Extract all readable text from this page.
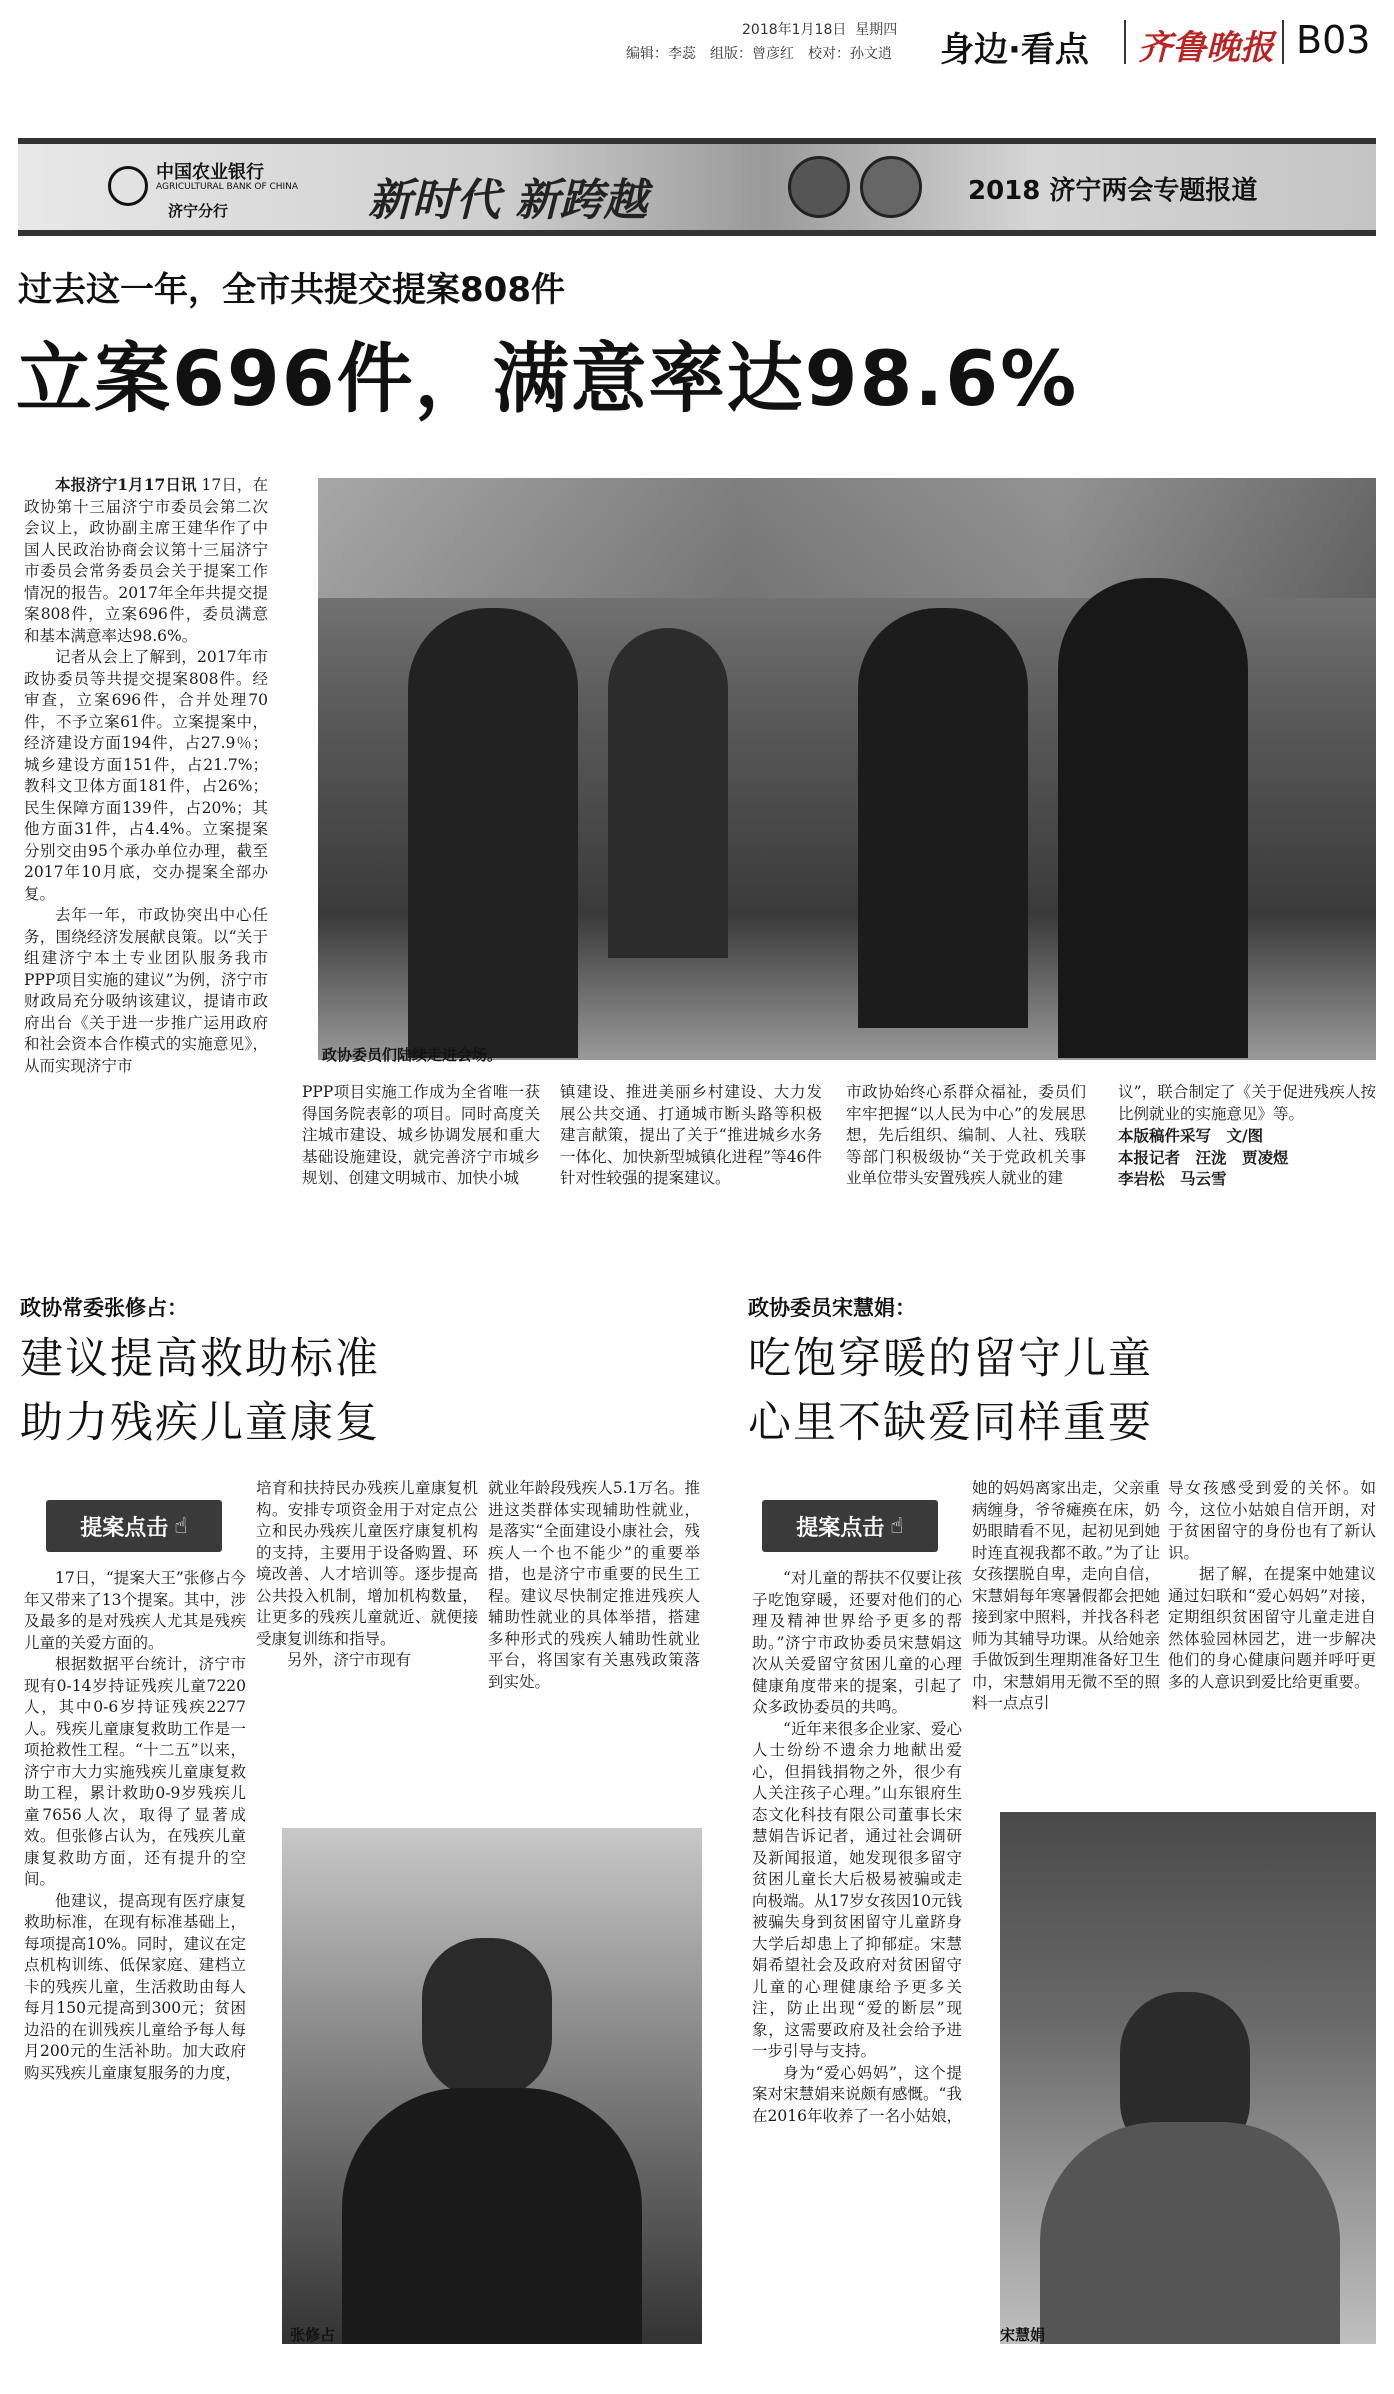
2018年1月18日 星期四
编辑：李蕊　组版：曾彦红　校对：孙文逍 身边·看点 齐鲁晚报 B03
中国农业银行
AGRICULTURAL BANK OF CHINA
济宁分行	新时代 新跨越	2018 济宁两会专题报道
过去这一年，全市共提交提案808件
立案696件，满意率达98.6%

本报济宁1月17日讯 17日，在政协第十三届济宁市委员会第二次会议上，政协副主席王建华作了中国人民政治协商会议第十三届济宁市委员会常务委员会关于提案工作情况的报告。2017年全年共提交提案808件，立案696件，委员满意和基本满意率达98.6%。

记者从会上了解到，2017年市政协委员等共提交提案808件。经审查，立案696件，合并处理70件，不予立案61件。立案提案中，经济建设方面194件，占27.9％；城乡建设方面151件，占21.7%；教科文卫体方面181件，占26%；民生保障方面139件，占20%；其他方面31件，占4.4%。立案提案分别交由95个承办单位办理，截至2017年10月底，交办提案全部办复。

去年一年，市政协突出中心任务，围绕经济发展献良策。以“关于组建济宁本土专业团队服务我市PPP项目实施的建议”为例，济宁市财政局充分吸纳该建议，提请市政府出台《关于进一步推广运用政府和社会资本合作模式的实施意见》，从而实现济宁市

政协委员们陆续走进会场。
PPP项目实施工作成为全省唯一获得国务院表彰的项目。同时高度关注城市建设、城乡协调发展和重大基础设施建设，就完善济宁市城乡规划、创建文明城市、加快小城
镇建设、推进美丽乡村建设、大力发展公共交通、打通城市断头路等积极建言献策，提出了关于“推进城乡水务一体化、加快新型城镇化进程”等46件针对性较强的提案建议。
市政协始终心系群众福祉，委员们牢牢把握“以人民为中心”的发展思想，先后组织、编制、人社、残联等部门积极级协“关于党政机关事业单位带头安置残疾人就业的建
议”，联合制定了《关于促进残疾人按比例就业的实施意见》等。
本版稿件采写　文/图
本报记者　汪泷　贾凌煜
李岩松　马云雪
政协常委张修占：
建议提高救助标准
助力残疾儿童康复
提案点击 ☝

17日，“提案大王”张修占今年又带来了13个提案。其中，涉及最多的是对残疾人尤其是残疾儿童的关爱方面的。

根据数据平台统计，济宁市现有0-14岁持证残疾儿童7220人，其中0-6岁持证残疾2277人。残疾儿童康复救助工作是一项抢救性工程。“十二五”以来，济宁市大力实施残疾儿童康复救助工程，累计救助0-9岁残疾儿童7656人次，取得了显著成效。但张修占认为，在残疾儿童康复救助方面，还有提升的空间。

他建议，提高现有医疗康复救助标准，在现有标准基础上，每项提高10%。同时，建议在定点机构训练、低保家庭、建档立卡的残疾儿童，生活救助由每人每月150元提高到300元；贫困边沿的在训残疾儿童给予每人每月200元的生活补助。加大政府购买残疾儿童康复服务的力度，

培育和扶持民办残疾儿童康复机构。安排专项资金用于对定点公立和民办残疾儿童医疗康复机构的支持，主要用于设备购置、环境改善、人才培训等。逐步提高公共投入机制，增加机构数量，让更多的残疾儿童就近、就便接受康复训练和指导。

另外，济宁市现有

就业年龄段残疾人5.1万名。推进这类群体实现辅助性就业，是落实“全面建设小康社会，残疾人一个也不能少”的重要举措，也是济宁市重要的民生工程。建议尽快制定推进残疾人辅助性就业的具体举措，搭建多种形式的残疾人辅助性就业平台，将国家有关惠残政策落到实处。
张修占
政协委员宋慧娟：
吃饱穿暖的留守儿童
心里不缺爱同样重要
提案点击 ☝

“对儿童的帮扶不仅要让孩子吃饱穿暖，还要对他们的心理及精神世界给予更多的帮助。”济宁市政协委员宋慧娟这次从关爱留守贫困儿童的心理健康角度带来的提案，引起了众多政协委员的共鸣。

“近年来很多企业家、爱心人士纷纷不遗余力地献出爱心，但捐钱捐物之外，很少有人关注孩子心理。”山东银府生态文化科技有限公司董事长宋慧娟告诉记者，通过社会调研及新闻报道，她发现很多留守贫困儿童长大后极易被骗或走向极端。从17岁女孩因10元钱被骗失身到贫困留守儿童跻身大学后却患上了抑郁症。宋慧娟希望社会及政府对贫困留守儿童的心理健康给予更多关注，防止出现“爱的断层”现象，这需要政府及社会给予进一步引导与支持。

身为“爱心妈妈”，这个提案对宋慧娟来说颇有感慨。“我在2016年收养了一名小姑娘，

她的妈妈离家出走，父亲重病缠身，爷爷瘫痪在床，奶奶眼睛看不见，起初见到她时连直视我都不敢。”为了让女孩摆脱自卑，走向自信，宋慧娟每年寒暑假都会把她接到家中照料，并找各科老师为其辅导功课。从给她亲手做饭到生理期准备好卫生巾，宋慧娟用无微不至的照料一点点引
导女孩感受到爱的关怀。如今，这位小姑娘自信开朗，对于贫困留守的身份也有了新认识。

据了解，在提案中她建议通过妇联和“爱心妈妈”对接，定期组织贫困留守儿童走进自然体验园林园艺，进一步解决他们的身心健康问题并呼吁更多的人意识到爱比给更重要。

宋慧娟
